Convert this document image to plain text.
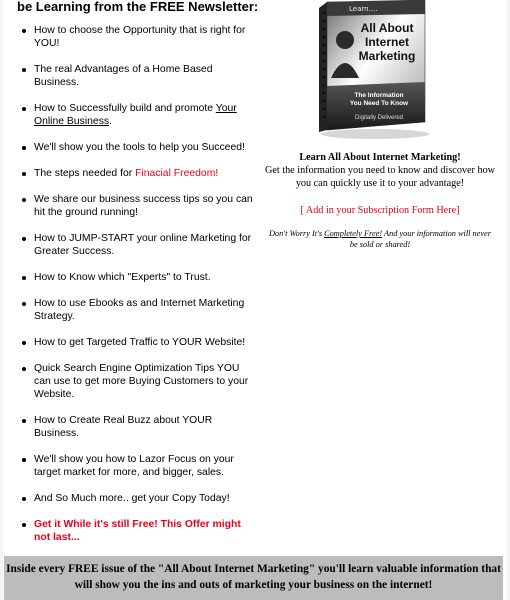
be Learning from the FREE Newsletter:
How to choose the Opportunity that is right for YOU!
The real Advantages of a Home Based Business.
How to Successfully build and promote Your Online Business.
We'll show you the tools to help you Succeed!
The steps needed for Finacial Freedom!
We share our business success tips so you can hit the ground running!
How to JUMP-START your online Marketing for Greater Success.
How to Know which "Experts" to Trust.
How to use Ebooks as and Internet Marketing Strategy.
How to get Targeted Traffic to YOUR Website!
Quick Search Engine Optimization Tips YOU can use to get more Buying Customers to your Website.
How to Create Real Buzz about YOUR Business.
We'll show you how to Lazor Focus on your target market for more, and bigger, sales.
And So Much more.. get your Copy Today!
Get it While it's still Free! This Offer might not last...
Learn....
All About
Internet
Marketing
The Information
You Need To Know
Digitally Delivered
Learn All About Internet Marketing!
Get the information you need to know and discover how you can quickly use it to your advantage!
[ Add in your Subscription Form Here]
Don't Worry It's Completely Free! And your information will never be sold or shared!
Inside every FREE issue of the "All About Internet Marketing" you'll learn valuable information that will show you the ins and outs of marketing your business on the internet!
